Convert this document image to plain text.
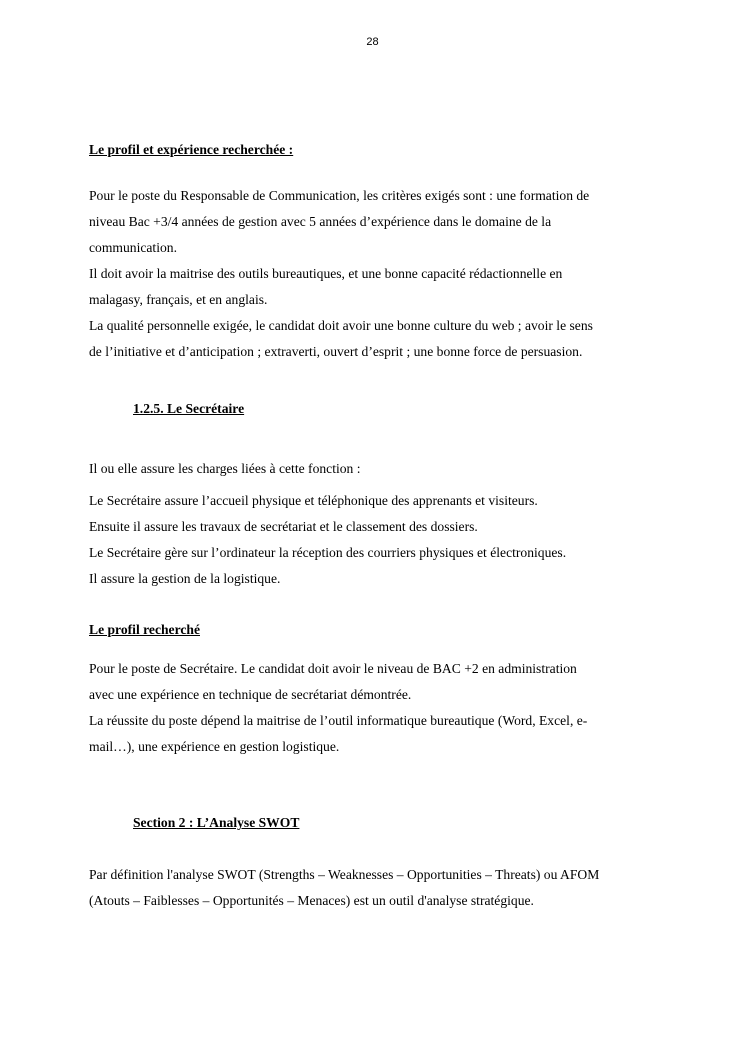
28
Le profil et expérience recherchée :
Pour le poste du Responsable de Communication, les critères exigés sont : une formation de
niveau Bac +3/4 années de gestion avec 5 années d’expérience dans le domaine de la
communication.
Il doit avoir la maitrise des outils bureautiques, et une bonne capacité rédactionnelle en
malagasy, français, et en anglais.
La qualité personnelle exigée, le candidat doit avoir une bonne culture du web ; avoir le sens
de l’initiative et d’anticipation ; extraverti, ouvert d’esprit ; une bonne force de persuasion.
1.2.5. Le Secrétaire
Il ou elle assure les charges liées à cette fonction :
Le Secrétaire assure l’accueil physique et téléphonique des apprenants et visiteurs.
Ensuite il assure les travaux de secrétariat et le classement des dossiers.
Le Secrétaire gère sur l’ordinateur la réception des courriers physiques et électroniques.
Il assure la gestion de la logistique.
Le profil recherché
Pour le poste de Secrétaire. Le candidat doit avoir le niveau de BAC +2 en administration
avec une expérience en technique de secrétariat démontrée.
La réussite du poste dépend la maitrise de l’outil informatique bureautique (Word, Excel, e-
mail…), une expérience en gestion logistique.
Section 2 : L’Analyse SWOT
Par définition l'analyse SWOT (Strengths – Weaknesses – Opportunities – Threats) ou AFOM
(Atouts – Faiblesses – Opportunités – Menaces) est un outil d'analyse stratégique.
